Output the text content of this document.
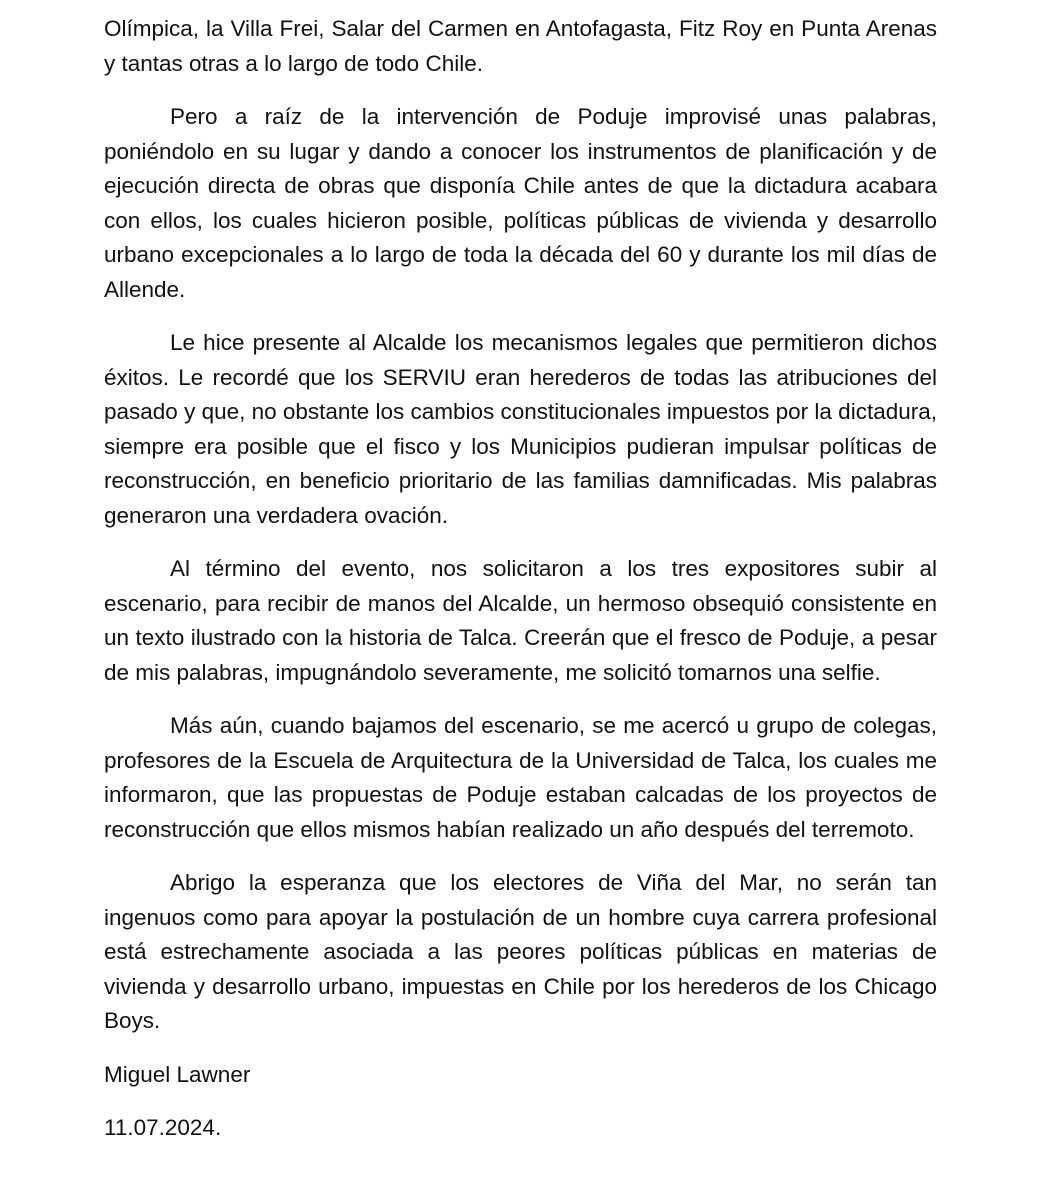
Olímpica, la Villa Frei, Salar del Carmen en Antofagasta, Fitz Roy en Punta Arenas y tantas otras a lo largo de todo Chile.

Pero a raíz de la intervención de Poduje improvisé unas palabras, poniéndolo en su lugar y dando a conocer los instrumentos de planificación y de ejecución directa de obras que disponía Chile antes de que la dictadura acabara con ellos, los cuales hicieron posible, políticas públicas de vivienda y desarrollo urbano excepcionales a lo largo de toda la década del 60 y durante los mil días de Allende.

Le hice presente al Alcalde los mecanismos legales que permitieron dichos éxitos. Le recordé que los SERVIU eran herederos de todas las atribuciones del pasado y que, no obstante los cambios constitucionales impuestos por la dictadura, siempre era posible que el fisco y los Municipios pudieran impulsar políticas de reconstrucción, en beneficio prioritario de las familias damnificadas. Mis palabras generaron una verdadera ovación.

Al término del evento, nos solicitaron a los tres expositores subir al escenario, para recibir de manos del Alcalde, un hermoso obsequió consistente en un texto ilustrado con la historia de Talca. Creerán que el fresco de Poduje, a pesar de mis palabras, impugnándolo severamente, me solicitó tomarnos una selfie.

Más aún, cuando bajamos del escenario, se me acercó u grupo de colegas, profesores de la Escuela de Arquitectura de la Universidad de Talca, los cuales me informaron, que las propuestas de Poduje estaban calcadas de los proyectos de reconstrucción que ellos mismos habían realizado un año después del terremoto.

Abrigo la esperanza que los electores de Viña del Mar, no serán tan ingenuos como para apoyar la postulación de un hombre cuya carrera profesional está estrechamente asociada a las peores políticas públicas en materias de vivienda y desarrollo urbano, impuestas en Chile por los herederos de los Chicago Boys.

Miguel Lawner

11.07.2024.
